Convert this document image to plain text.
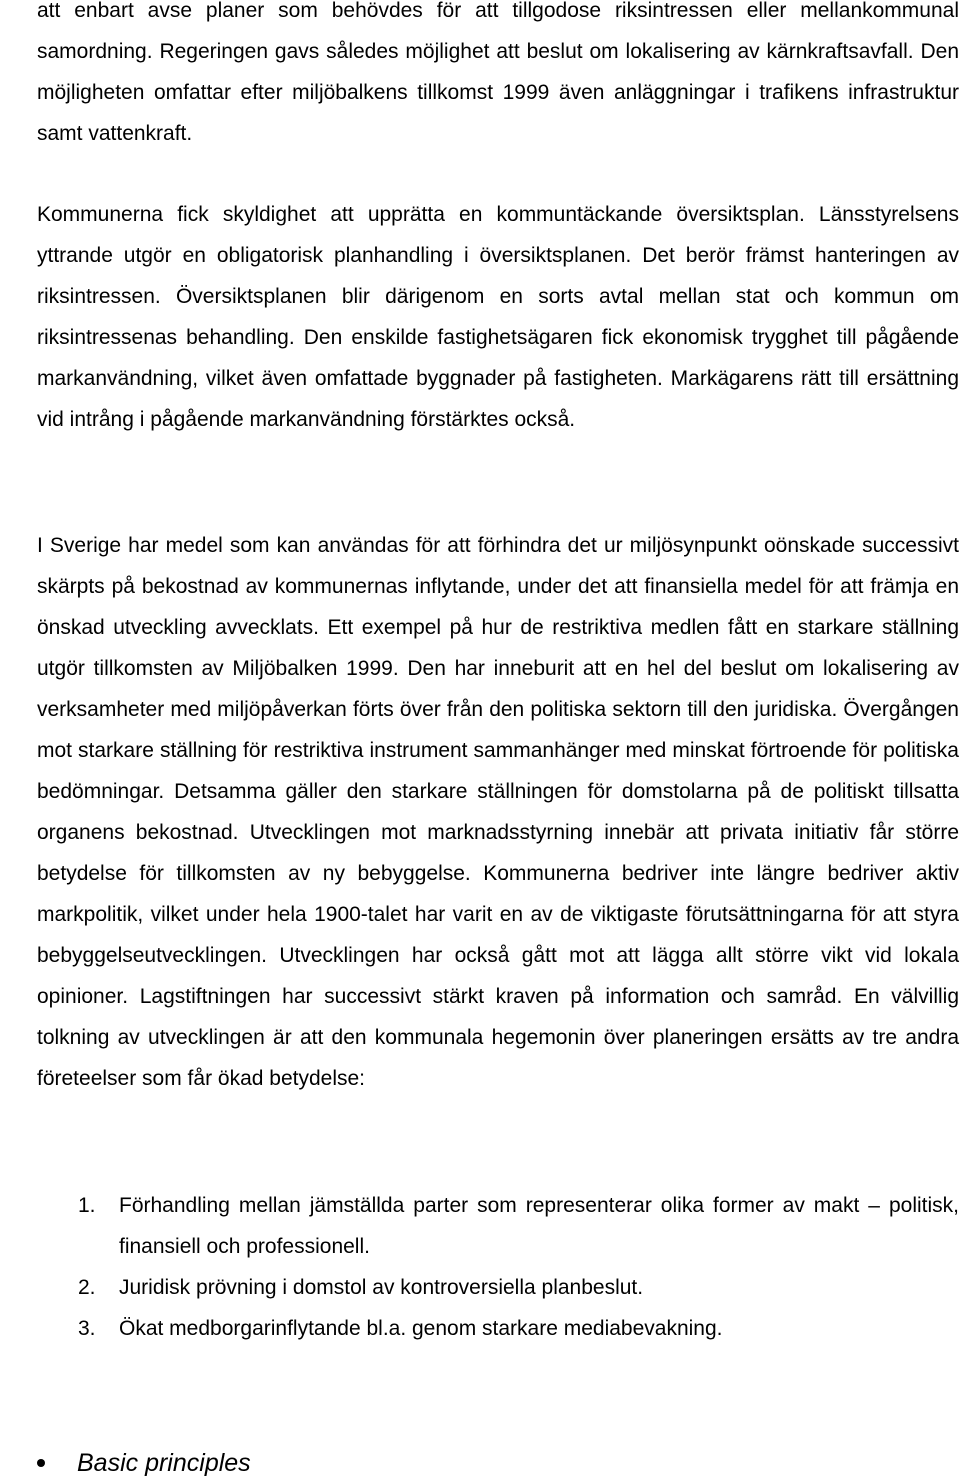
att enbart avse planer som behövdes för att tillgodose riksintressen eller mellankommunal samordning. Regeringen gavs således möjlighet att beslut om lokalisering av kärnkraftsavfall. Den möjligheten omfattar efter miljöbalkens tillkomst 1999 även anläggningar i trafikens infrastruktur samt vattenkraft.

Kommunerna fick skyldighet att upprätta en kommuntäckande översiktsplan. Länsstyrelsens yttrande utgör en obligatorisk planhandling i översiktsplanen. Det berör främst hanteringen av riksintressen. Översiktsplanen blir därigenom en sorts avtal mellan stat och kommun om riksintressenas behandling. Den enskilde fastighetsägaren fick ekonomisk trygghet till pågående markanvändning, vilket även omfattade byggnader på fastigheten. Markägarens rätt till ersättning vid intrång i pågående markanvändning förstärktes också.

I Sverige har medel som kan användas för att förhindra det ur miljösynpunkt oönskade successivt skärpts på bekostnad av kommunernas inflytande, under det att finansiella medel för att främja en önskad utveckling avvecklats. Ett exempel på hur de restriktiva medlen fått en starkare ställning utgör tillkomsten av Miljöbalken 1999. Den har inneburit att en hel del beslut om lokalisering av verksamheter med miljöpåverkan förts över från den politiska sektorn till den juridiska. Övergången mot starkare ställning för restriktiva instrument sammanhänger med minskat förtroende för politiska bedömningar. Detsamma gäller den starkare ställningen för domstolarna på de politiskt tillsatta organens bekostnad. Utvecklingen mot marknadsstyrning innebär att privata initiativ får större betydelse för tillkomsten av ny bebyggelse. Kommunerna bedriver inte längre bedriver aktiv markpolitik, vilket under hela 1900-talet har varit en av de viktigaste förutsättningarna för att styra bebyggelseutvecklingen. Utvecklingen har också gått mot att lägga allt större vikt vid lokala opinioner. Lagstiftningen har successivt stärkt kraven på information och samråd. En välvillig tolkning av utvecklingen är att den kommunala hegemonin över planeringen ersätts av tre andra företeelser som får ökad betydelse:

1.	Förhandling mellan jämställda parter som representerar olika former av makt – politisk, finansiell och professionell.
2.	Juridisk prövning i domstol av kontroversiella planbeslut.
3.	Ökat medborgarinflytande bl.a. genom starkare mediabevakning.
Basic principles
